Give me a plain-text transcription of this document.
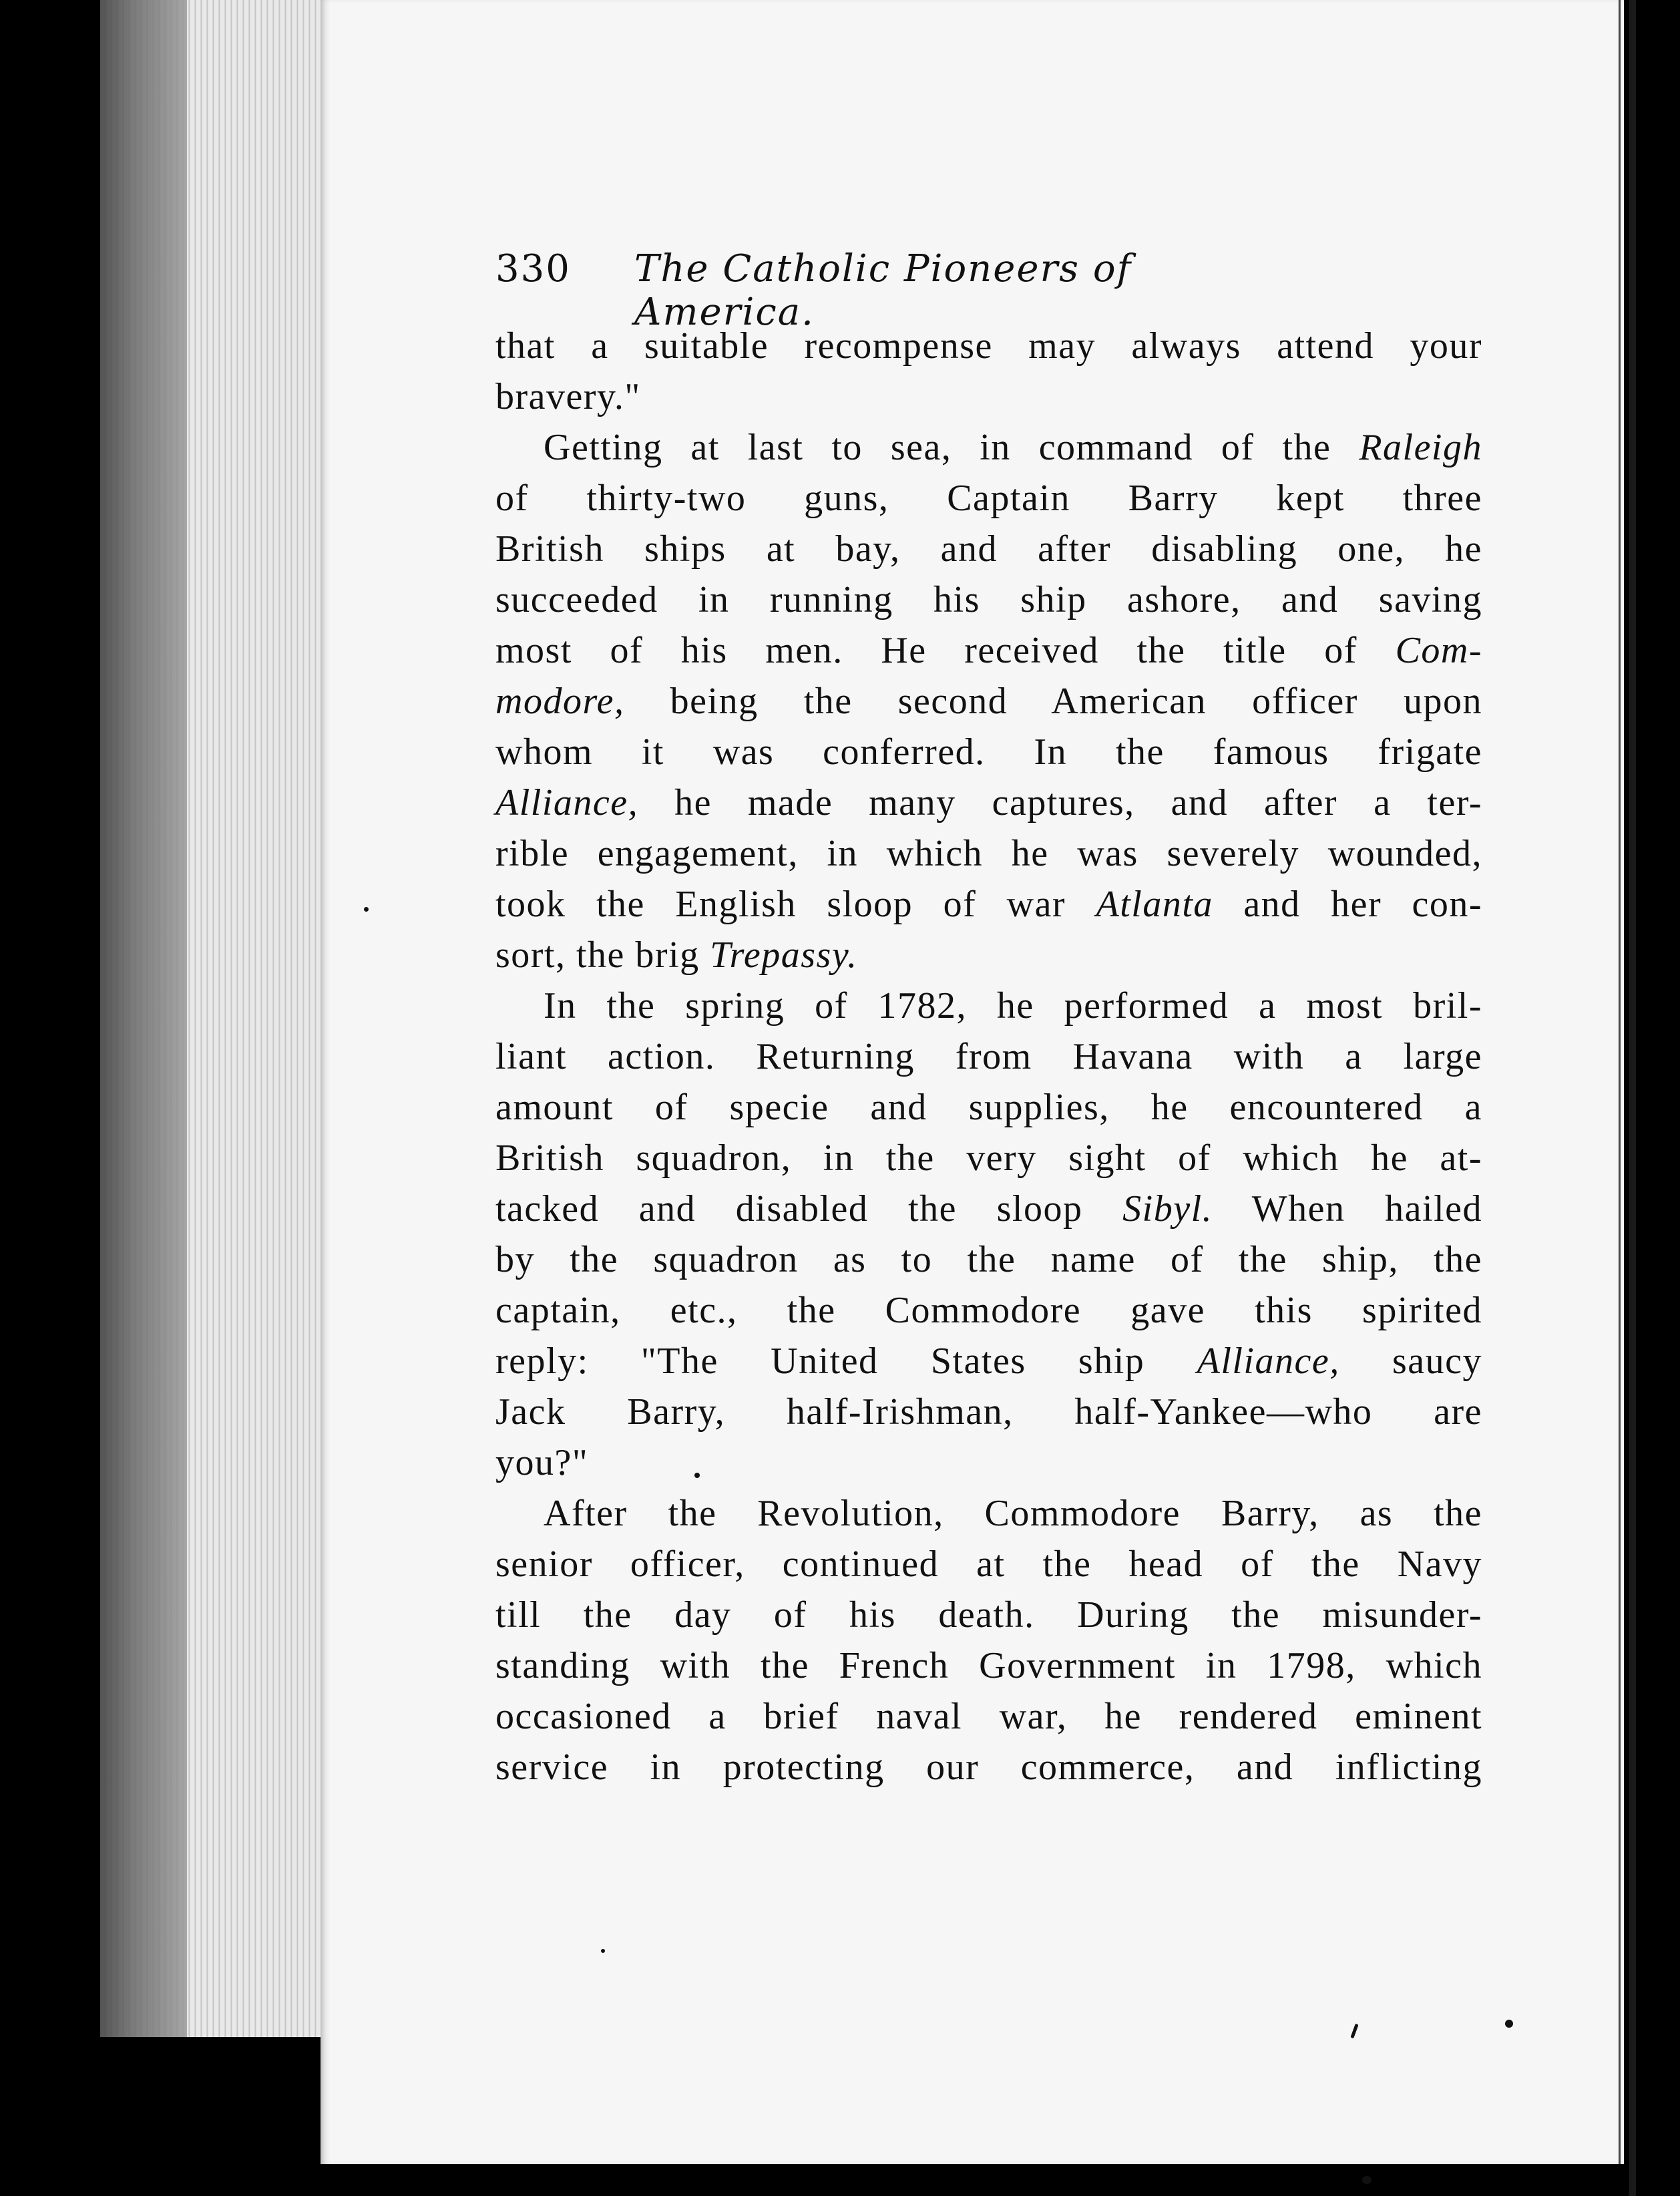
330 The Catholic Pioneers of America.
that a suitable recompense may always attend your
bravery."
Getting at last to sea, in command of the Raleigh
of thirty-two guns, Captain Barry kept three
British ships at bay, and after disabling one, he
succeeded in running his ship ashore, and saving
most of his men. He received the title of Com-
modore, being the second American officer upon
whom it was conferred. In the famous frigate
Alliance, he made many captures, and after a ter-
rible engagement, in which he was severely wounded,
took the English sloop of war Atlanta and her con-
sort, the brig Trepassy.
In the spring of 1782, he performed a most bril-
liant action. Returning from Havana with a large
amount of specie and supplies, he encountered a
British squadron, in the very sight of which he at-
tacked and disabled the sloop Sibyl. When hailed
by the squadron as to the name of the ship, the
captain, etc., the Commodore gave this spirited
reply: "The United States ship Alliance, saucy
Jack Barry, half-Irishman, half-Yankee—who are
you?"
After the Revolution, Commodore Barry, as the
senior officer, continued at the head of the Navy
till the day of his death. During the misunder-
standing with the French Government in 1798, which
occasioned a brief naval war, he rendered eminent
service in protecting our commerce, and inflicting
